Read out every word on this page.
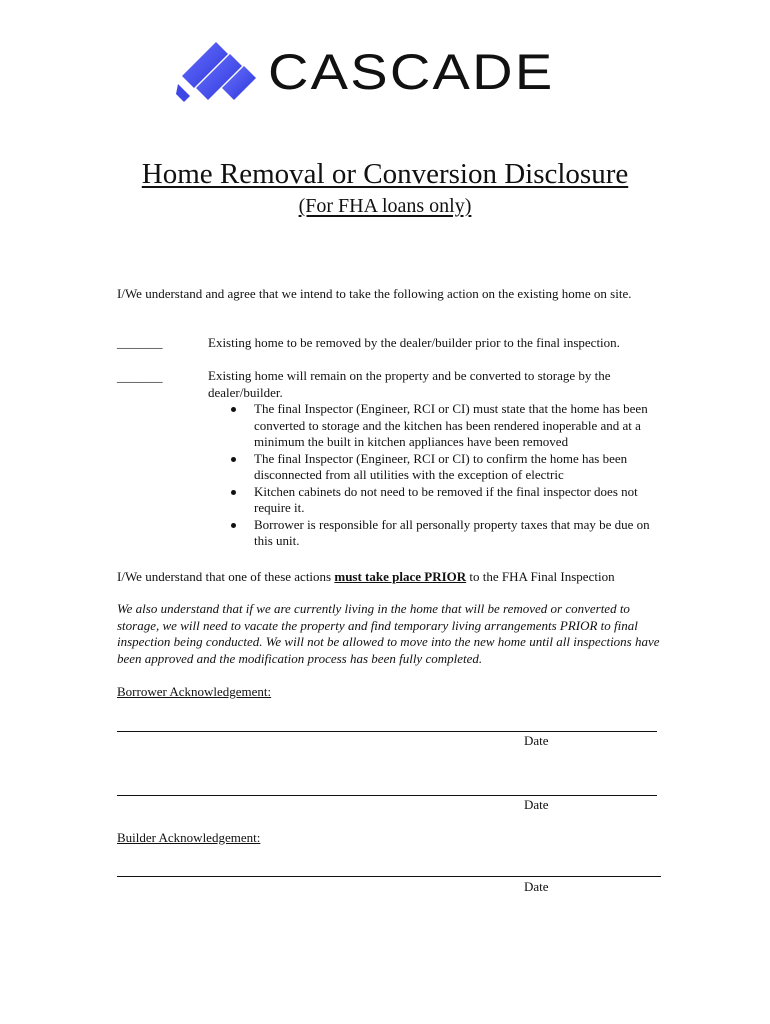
CASCADE
Home Removal or Conversion Disclosure
(For FHA loans only)
I/We understand and agree that we intend to take the following action on the existing home on site.
_______	Existing home to be removed by the dealer/builder prior to the final inspection.
_______	Existing home will remain on the property and be converted to storage by the dealer/builder.
The final Inspector (Engineer, RCI or CI) must state that the home has been converted to storage and the kitchen has been rendered inoperable and at a minimum the built in kitchen appliances have been removed
The final Inspector (Engineer, RCI or CI) to confirm the home has been disconnected from all utilities with the exception of electric
Kitchen cabinets do not need to be removed if the final inspector does not require it.
Borrower is responsible for all personally property taxes that may be due on this unit.
I/We understand that one of these actions must take place PRIOR to the FHA Final Inspection
We also understand that if we are currently living in the home that will be removed or converted to storage, we will need to vacate the property and find temporary living arrangements PRIOR to final inspection being conducted. We will not be allowed to move into the new home until all inspections have been approved and the modification process has been fully completed.
Borrower Acknowledgement:
Date
Date
Builder Acknowledgement:
Date
